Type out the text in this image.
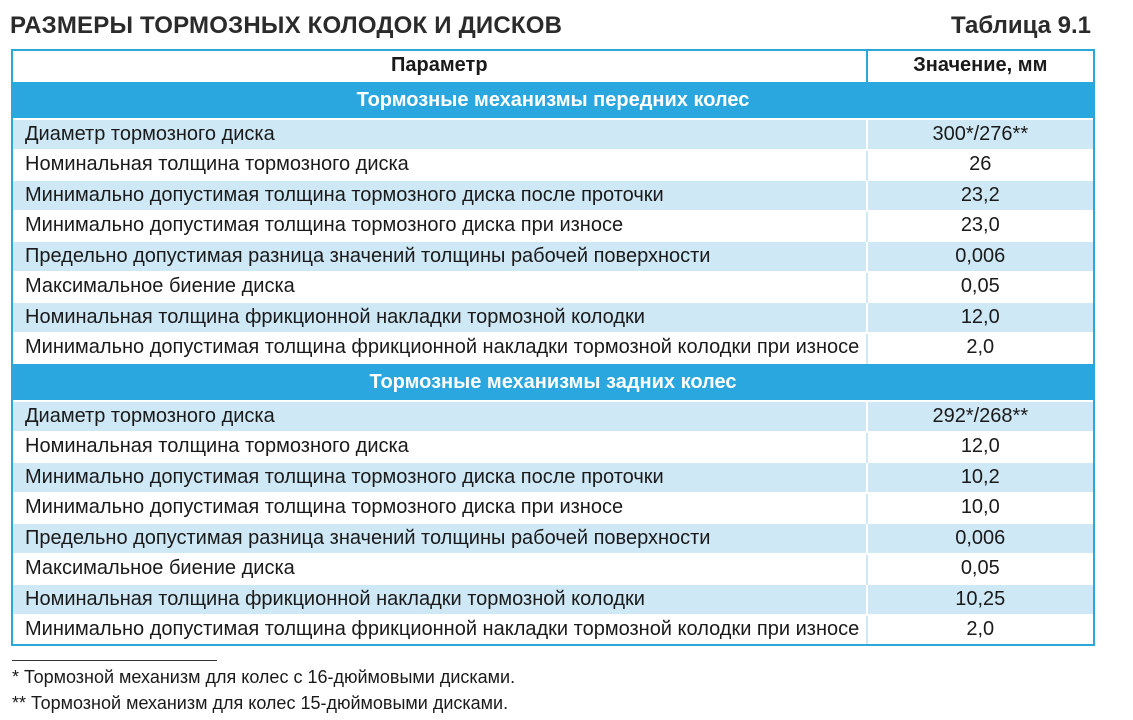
РАЗМЕРЫ ТОРМОЗНЫХ КОЛОДОК И ДИСКОВ	Таблица 9.1
Параметр	Значение, мм
Тормозные механизмы передних колес	
Диаметр тормозного диска	300*/276**
Номинальная толщина тормозного диска	26
Минимально допустимая толщина тормозного диска после проточки	23,2
Минимально допустимая толщина тормозного диска при износе	23,0
Предельно допустимая разница значений толщины рабочей поверхности	0,006
Максимальное биение диска	0,05
Номинальная толщина фрикционной накладки тормозной колодки	12,0
Минимально допустимая толщина фрикционной накладки тормозной колодки при износе	2,0
Тормозные механизмы задних колес	
Диаметр тормозного диска	292*/268**
Номинальная толщина тормозного диска	12,0
Минимально допустимая толщина тормозного диска после проточки	10,2
Минимально допустимая толщина тормозного диска при износе	10,0
Предельно допустимая разница значений толщины рабочей поверхности	0,006
Максимальное биение диска	0,05
Номинальная толщина фрикционной накладки тормозной колодки	10,25
Минимально допустимая толщина фрикционной накладки тормозной колодки при износе	2,0
* Тормозной механизм для колес с 16-дюймовыми дисками.
** Тормозной механизм для колес 15-дюймовыми дисками.
